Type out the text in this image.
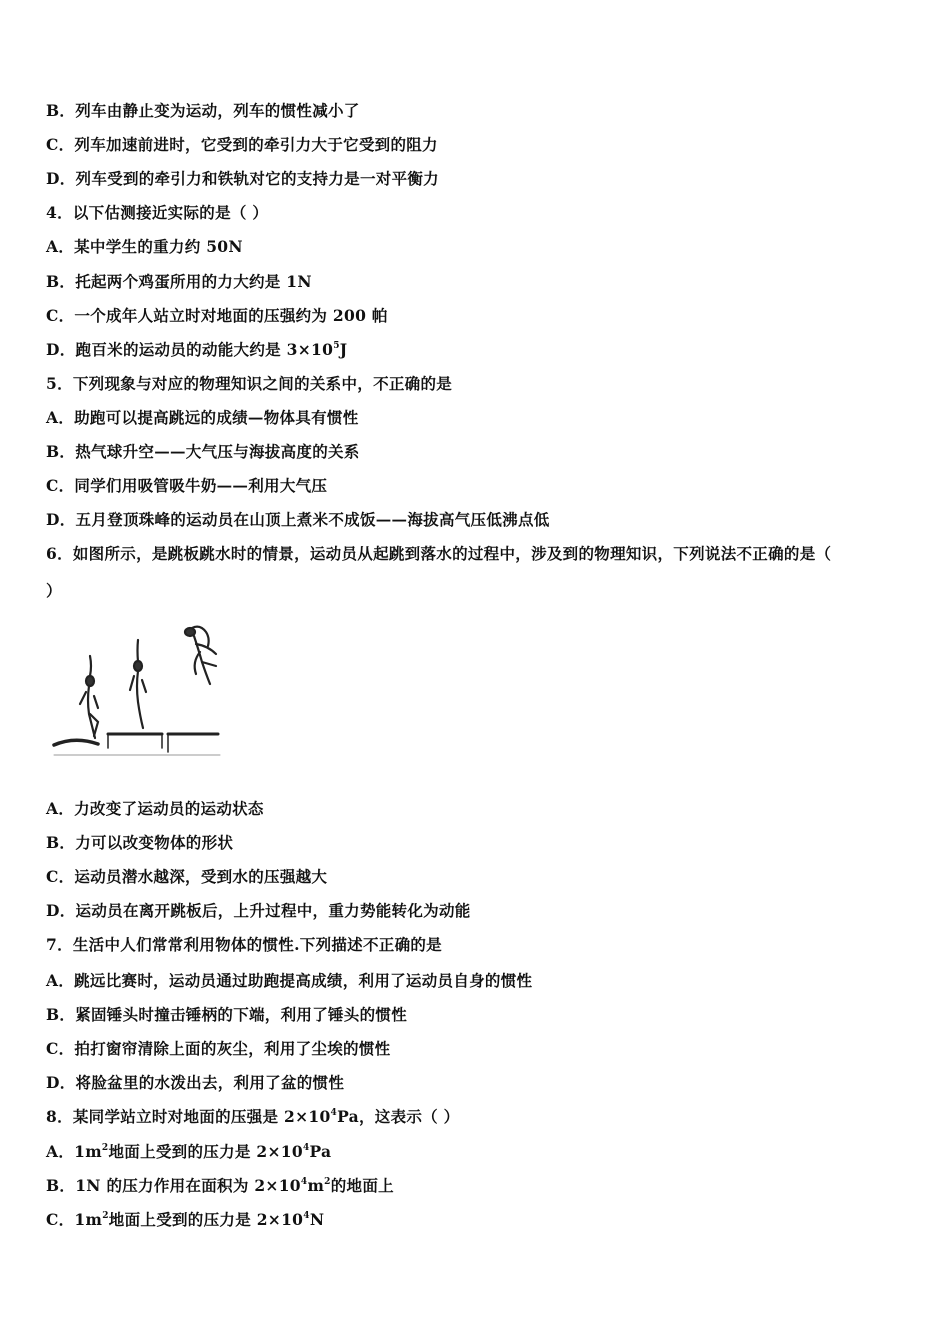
B．列车由静止变为运动，列车的惯性减小了
C．列车加速前进时，它受到的牵引力大于它受到的阻力
D．列车受到的牵引力和铁轨对它的支持力是一对平衡力
4．以下估测接近实际的是（ ）
A．某中学生的重力约 50N
B．托起两个鸡蛋所用的力大约是 1N
C．一个成年人站立时对地面的压强约为 200 帕
D．跑百米的运动员的动能大约是 $3\times 10^5J$
5．下列现象与对应的物理知识之间的关系中，不正确的是
A．助跑可以提高跳远的成绩—物体具有惯性
B．热气球升空——大气压与海拔高度的关系
C．同学们用吸管吸牛奶——利用大气压
D．五月登顶珠峰的运动员在山顶上煮米不成饭——海拔高气压低沸点低
6．如图所示，是跳板跳水时的情景，运动员从起跳到落水的过程中，涉及到的物理知识，下列说法不正确的是（
）
A．力改变了运动员的运动状态
B．力可以改变物体的形状
C．运动员潜水越深，受到水的压强越大
D．运动员在离开跳板后，上升过程中，重力势能转化为动能
7．生活中人们常常利用物体的惯性.下列描述不正确的是
A．跳远比赛时，运动员通过助跑提高成绩，利用了运动员自身的惯性
B．紧固锤头时撞击锤柄的下端，利用了锤头的惯性
C．拍打窗帘清除上面的灰尘，利用了尘埃的惯性
D．将脸盆里的水泼出去，利用了盆的惯性
8．某同学站立时对地面的压强是 $2\times 10^4Pa$，这表示（ ）
A．$1m^2$地面上受到的压力是 $2\times 10^4Pa$
B．1N 的压力作用在面积为 $2\times 10^4m^2$的地面上
C．$1m^2$地面上受到的压力是 $2\times 10^4N$
